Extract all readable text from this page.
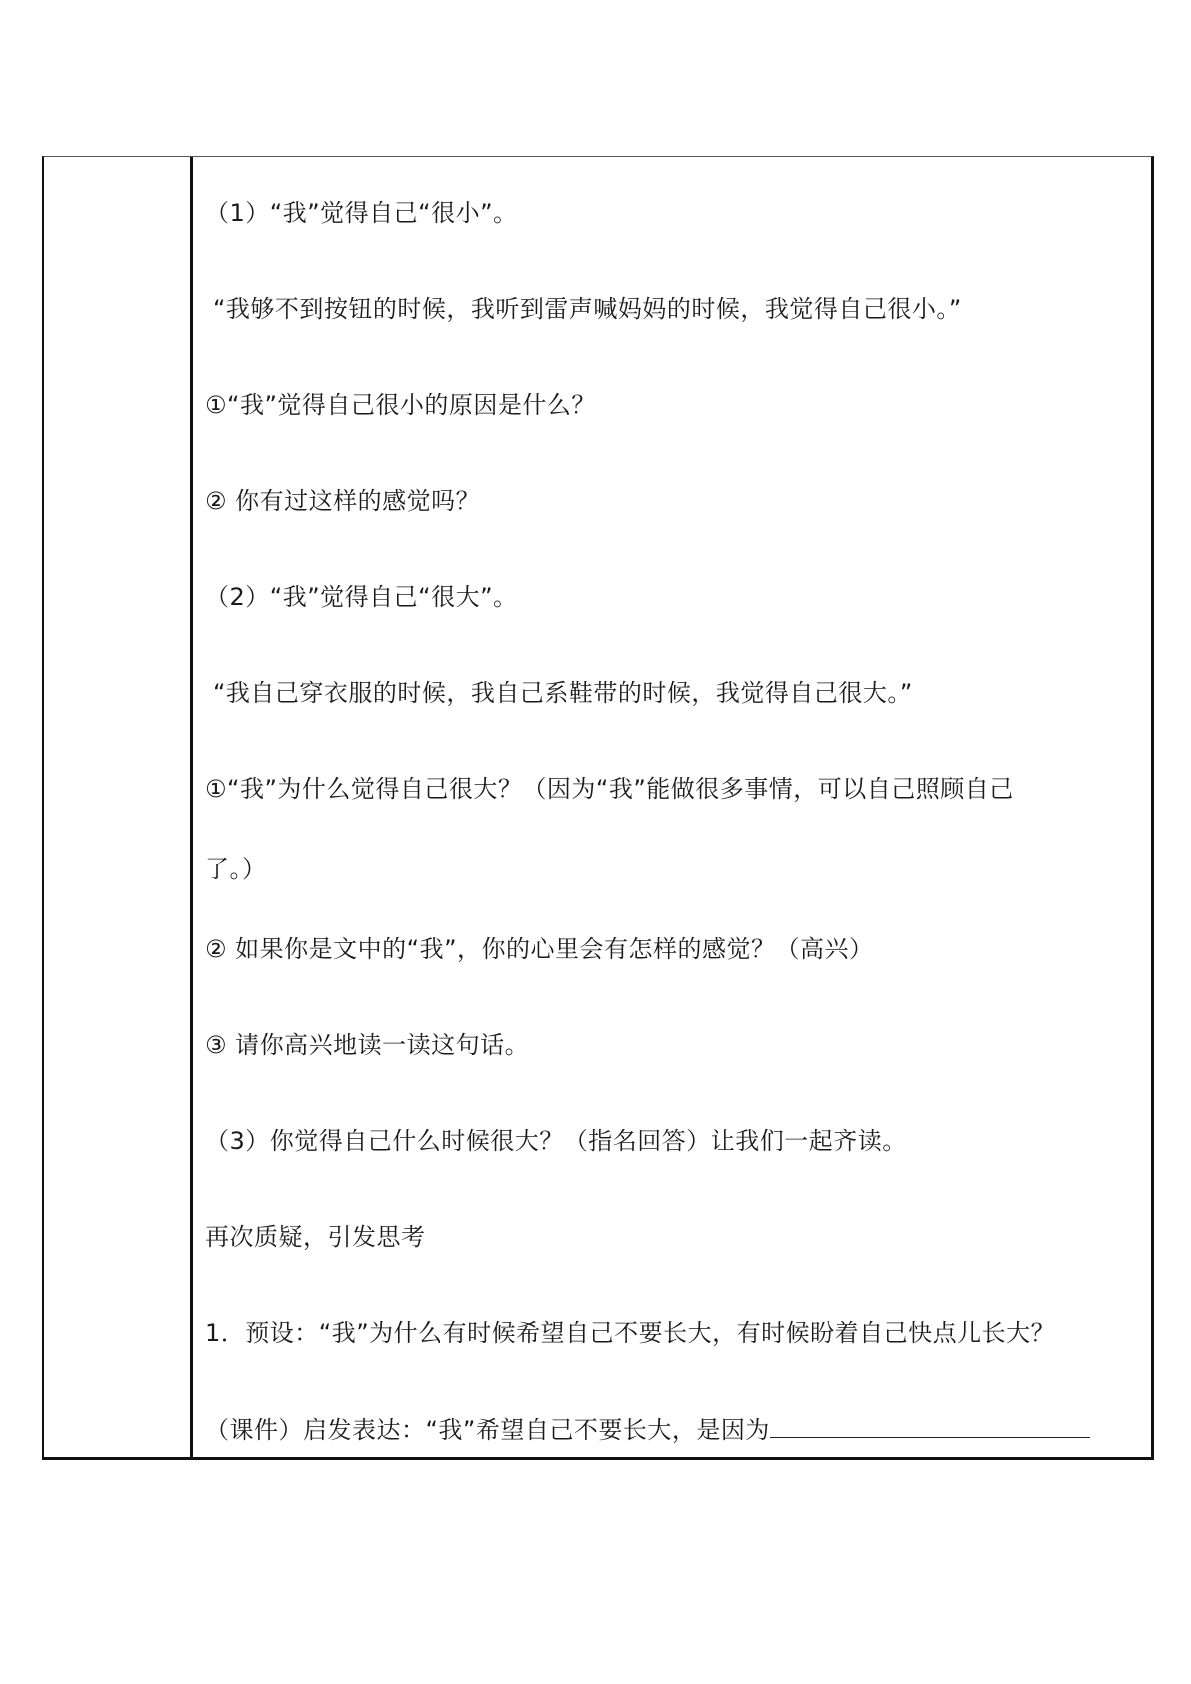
（1）“我”觉得自己“很小”。
“我够不到按钮的时候，我听到雷声喊妈妈的时候，我觉得自己很小。”
①“我”觉得自己很小的原因是什么？
② 你有过这样的感觉吗？
（2）“我”觉得自己“很大”。
“我自己穿衣服的时候，我自己系鞋带的时候，我觉得自己很大。”
①“我”为什么觉得自己很大？（因为“我”能做很多事情，可以自己照顾自己
了。）
② 如果你是文中的“我”，你的心里会有怎样的感觉？（高兴）
③ 请你高兴地读一读这句话。
（3）你觉得自己什么时候很大？（指名回答）让我们一起齐读。
再次质疑，引发思考
1．预设：“我”为什么有时候希望自己不要长大，有时候盼着自己快点儿长大？
（课件）启发表达：“我”希望自己不要长大，是因为
